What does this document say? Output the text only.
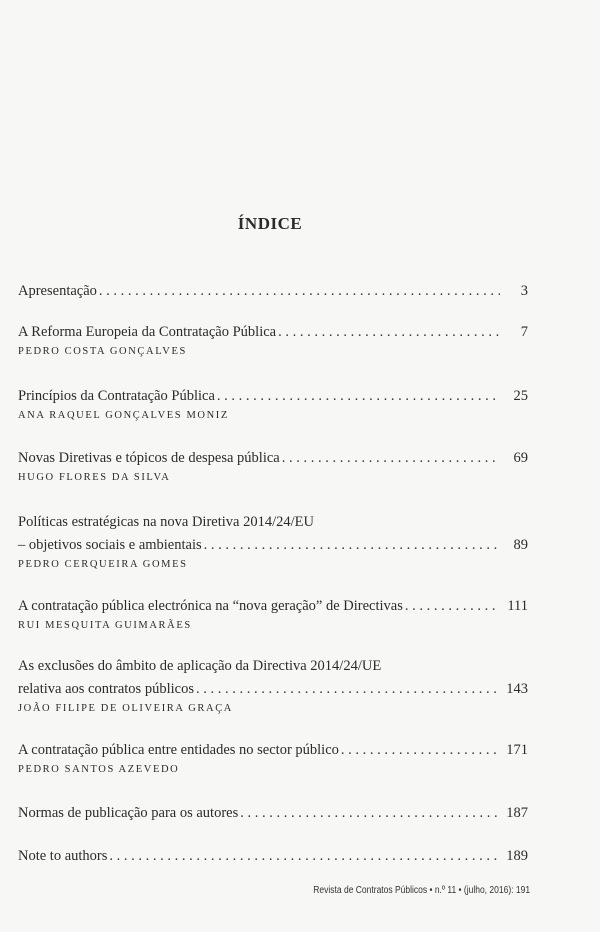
ÍNDICE
Apresentação . . .	3
A Reforma Europeia da Contratação Pública . . .	7
PEDRO COSTA GONÇALVES
Princípios da Contratação Pública . . .	25
ANA RAQUEL GONÇALVES MONIZ
Novas Diretivas e tópicos de despesa pública . . .	69
HUGO FLORES DA SILVA
Políticas estratégicas na nova Diretiva 2014/24/EU
– objetivos sociais e ambientais . . .	89
PEDRO CERQUEIRA GOMES
A contratação pública electrónica na “nova geração” de Directivas . . .	111
RUI MESQUITA GUIMARÃES
As exclusões do âmbito de aplicação da Directiva 2014/24/UE
relativa aos contratos públicos . . .	143
JOÃO FILIPE DE OLIVEIRA GRAÇA
A contratação pública entre entidades no sector público . . .	171
PEDRO SANTOS AZEVEDO
Normas de publicação para os autores . . .	187
Note to authors . . .	189
Revista de Contratos Públicos • n.º 11 • (julho, 2016): 191
